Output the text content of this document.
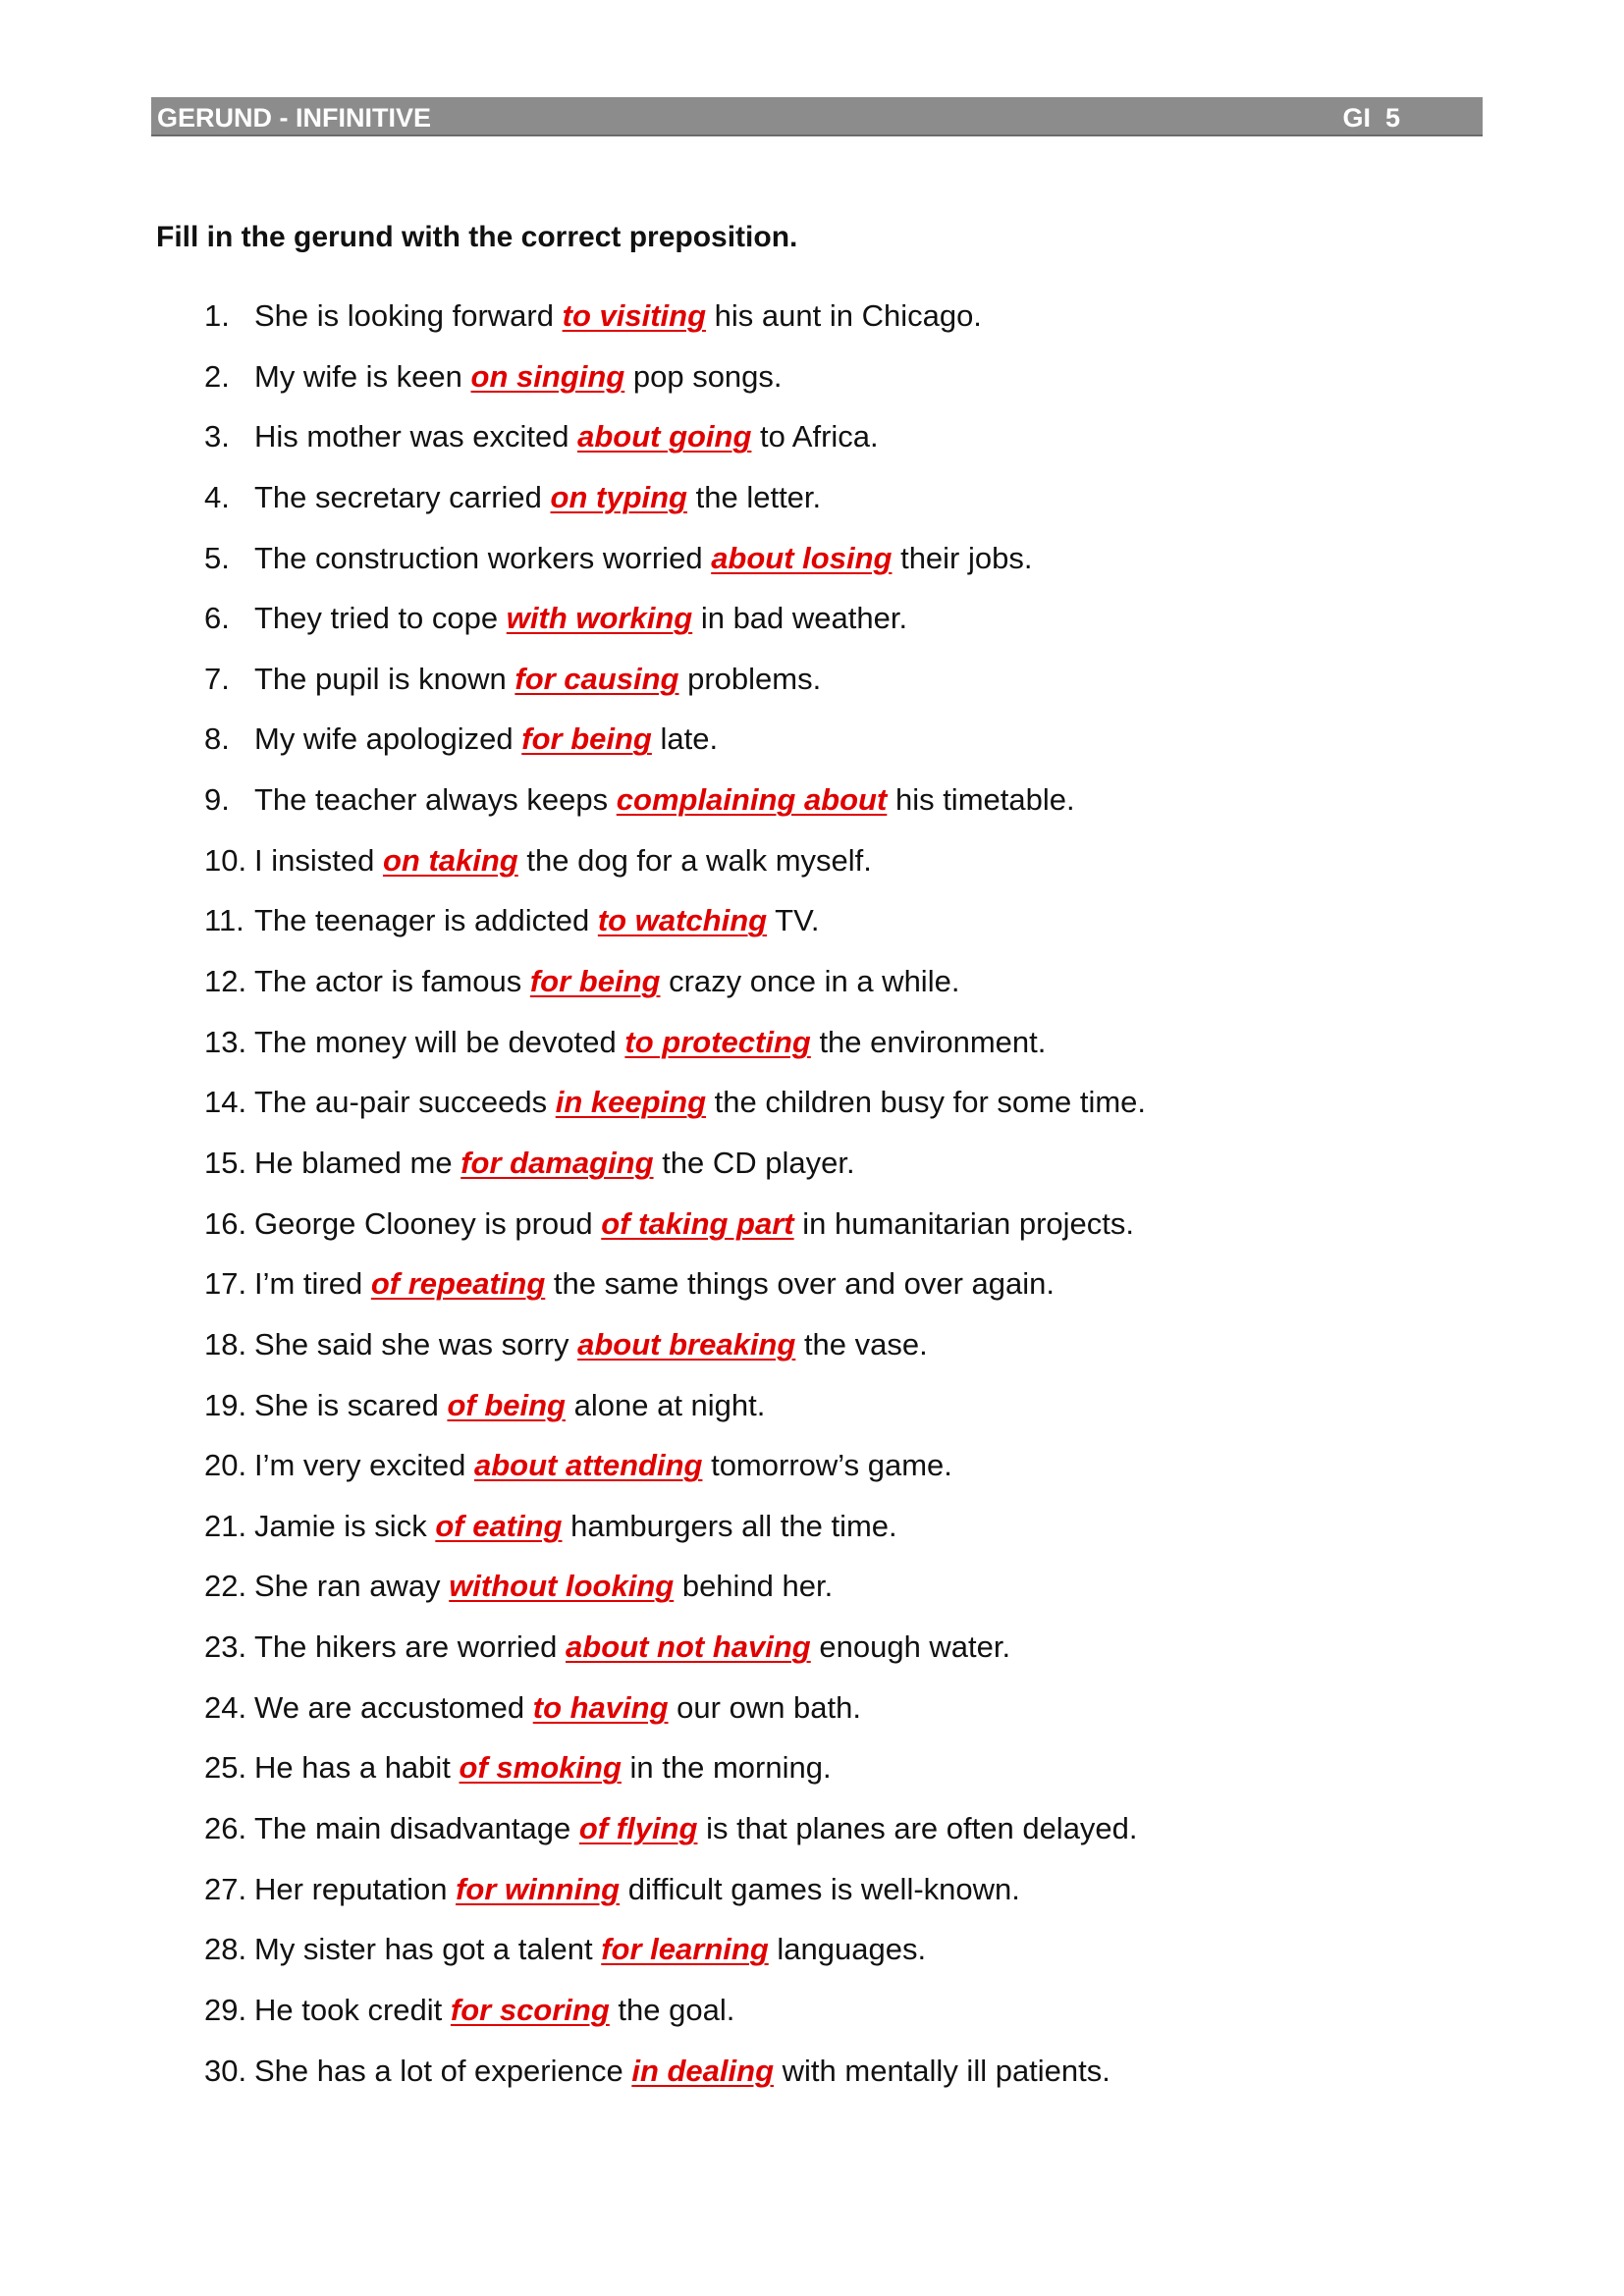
GERUND - INFINITIVE	GI  5
Fill in the gerund with the correct preposition.
1. She is looking forward to visiting his aunt in Chicago.
2. My wife is keen on singing pop songs.
3. His mother was excited about going to Africa.
4. The secretary carried on typing the letter.
5. The construction workers worried about losing their jobs.
6. They tried to cope with working in bad weather.
7. The pupil is known for causing problems.
8. My wife apologized for being late.
9. The teacher always keeps complaining about his timetable.
10. I insisted on taking the dog for a walk myself.
11. The teenager is addicted to watching TV.
12. The actor is famous for being crazy once in a while.
13. The money will be devoted to protecting the environment.
14. The au-pair succeeds in keeping the children busy for some time.
15. He blamed me for damaging the CD player.
16. George Clooney is proud of taking part in humanitarian projects.
17. I’m tired of repeating the same things over and over again.
18. She said she was sorry about breaking the vase.
19. She is scared of being alone at night.
20. I’m very excited about attending tomorrow’s game.
21. Jamie is sick of eating hamburgers all the time.
22. She ran away without looking behind her.
23. The hikers are worried about not having enough water.
24. We are accustomed to having our own bath.
25. He has a habit of smoking in the morning.
26. The main disadvantage of flying is that planes are often delayed.
27. Her reputation for winning difficult games is well-known.
28. My sister has got a talent for learning languages.
29. He took credit for scoring the goal.
30. She has a lot of experience in dealing with mentally ill patients.
